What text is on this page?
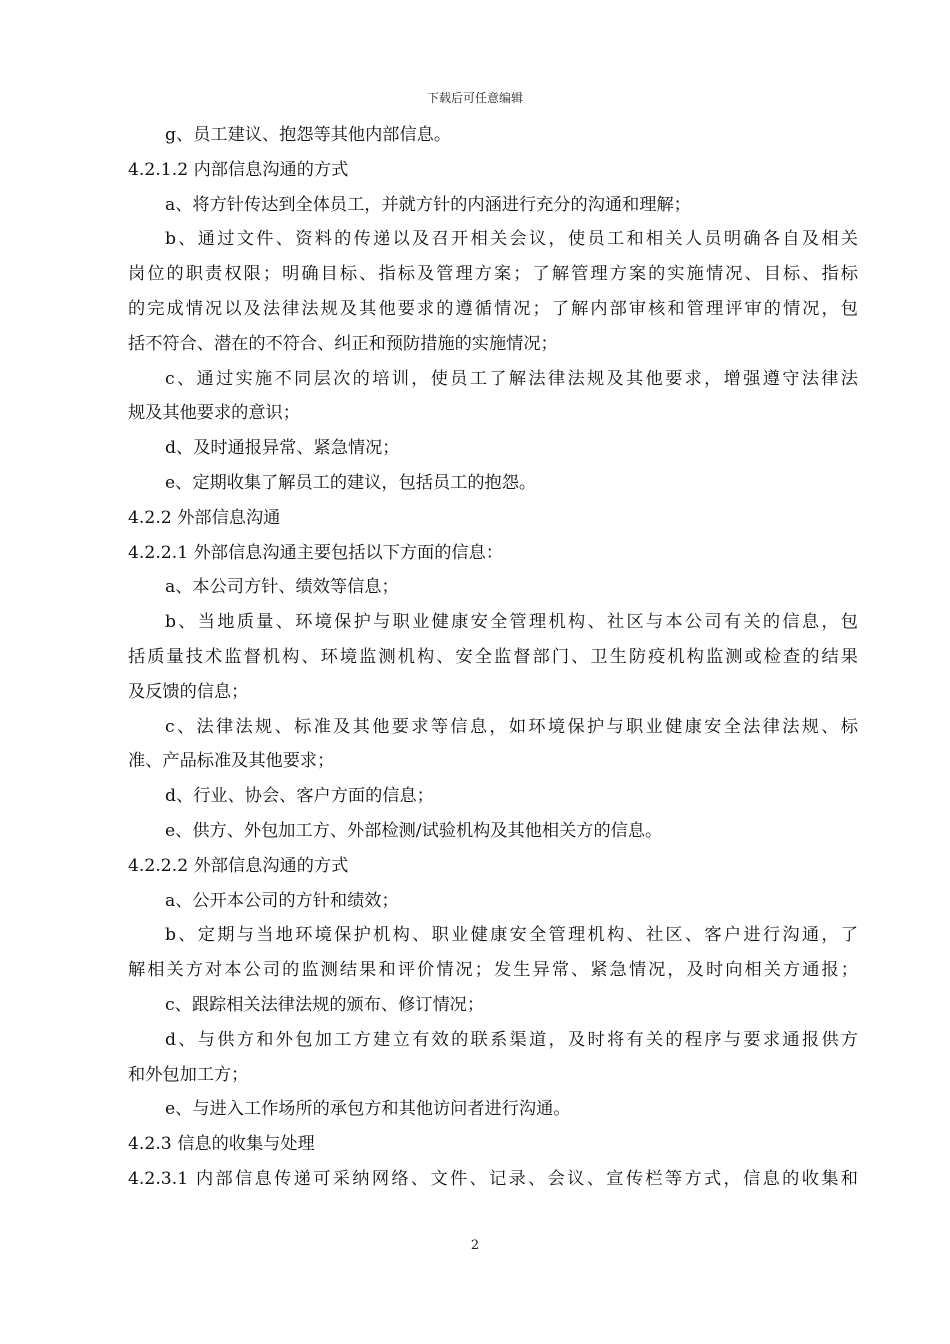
下载后可任意编辑
g、员工建议、抱怨等其他内部信息。
4.2.1.2 内部信息沟通的方式
a、将方针传达到全体员工，并就方针的内涵进行充分的沟通和理解；
b、通过文件、资料的传递以及召开相关会议，使员工和相关人员明确各自及相关
岗位的职责权限；明确目标、指标及管理方案；了解管理方案的实施情况、目标、指标
的完成情况以及法律法规及其他要求的遵循情况；了解内部审核和管理评审的情况，包
括不符合、潜在的不符合、纠正和预防措施的实施情况；
c、通过实施不同层次的培训，使员工了解法律法规及其他要求，增强遵守法律法
规及其他要求的意识；
d、及时通报异常、紧急情况；
e、定期收集了解员工的建议，包括员工的抱怨。
4.2.2 外部信息沟通
4.2.2.1 外部信息沟通主要包括以下方面的信息：
a、本公司方针、绩效等信息；
b、当地质量、环境保护与职业健康安全管理机构、社区与本公司有关的信息，包
括质量技术监督机构、环境监测机构、安全监督部门、卫生防疫机构监测或检查的结果
及反馈的信息；
c、法律法规、标准及其他要求等信息，如环境保护与职业健康安全法律法规、标
准、产品标准及其他要求；
d、行业、协会、客户方面的信息；
e、供方、外包加工方、外部检测/试验机构及其他相关方的信息。
4.2.2.2 外部信息沟通的方式
a、公开本公司的方针和绩效；
b、定期与当地环境保护机构、职业健康安全管理机构、社区、客户进行沟通，了
解相关方对本公司的监测结果和评价情况；发生异常、紧急情况，及时向相关方通报；
c、跟踪相关法律法规的颁布、修订情况；
d、与供方和外包加工方建立有效的联系渠道，及时将有关的程序与要求通报供方
和外包加工方；
e、与进入工作场所的承包方和其他访问者进行沟通。
4.2.3 信息的收集与处理
4.2.3.1 内部信息传递可采纳网络、文件、记录、会议、宣传栏等方式，信息的收集和
2
